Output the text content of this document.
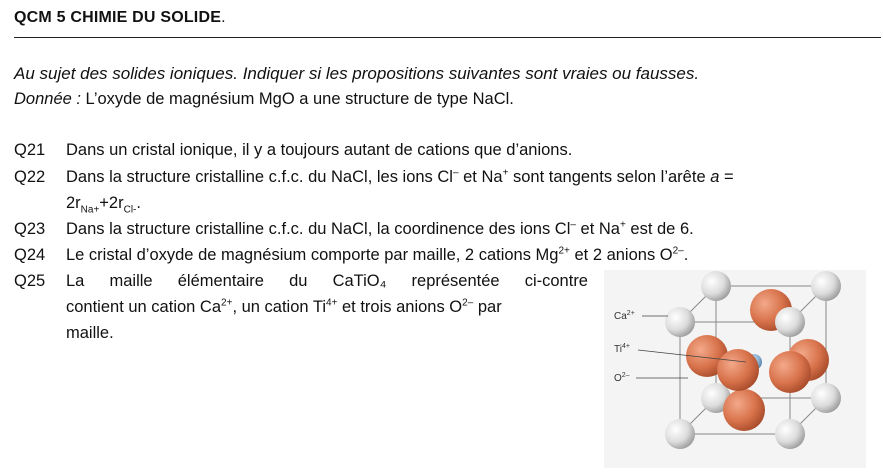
QCM 5 CHIMIE DU SOLIDE.
Au sujet des solides ioniques. Indiquer si les propositions suivantes sont vraies ou fausses.
Donnée : L’oxyde de magnésium MgO a une structure de type NaCl.
Q21 Dans un cristal ionique, il y a toujours autant de cations que d’anions.
Q22 Dans la structure cristalline c.f.c. du NaCl, les ions Cl– et Na+ sont tangents selon l’arête a =
$2r_{Na+}+2r_{Cl-}$.
Q23 Dans la structure cristalline c.f.c. du NaCl, la coordinence des ions Cl– et Na+ est de 6.
Q24 Le cristal d’oxyde de magnésium comporte par maille, 2 cations $Mg^{2+}$ et 2 anions $O^{2-}$.
Q25 La maille élémentaire du CaTiO₄ représentée ci-contre
contient un cation $Ca^{2+}$, un cation $Ti^{4+}$ et trois anions $O^{2-}$ par
maille.
$Ca^{2+}$
$Ti^{4+}$
$O^{2-}$
